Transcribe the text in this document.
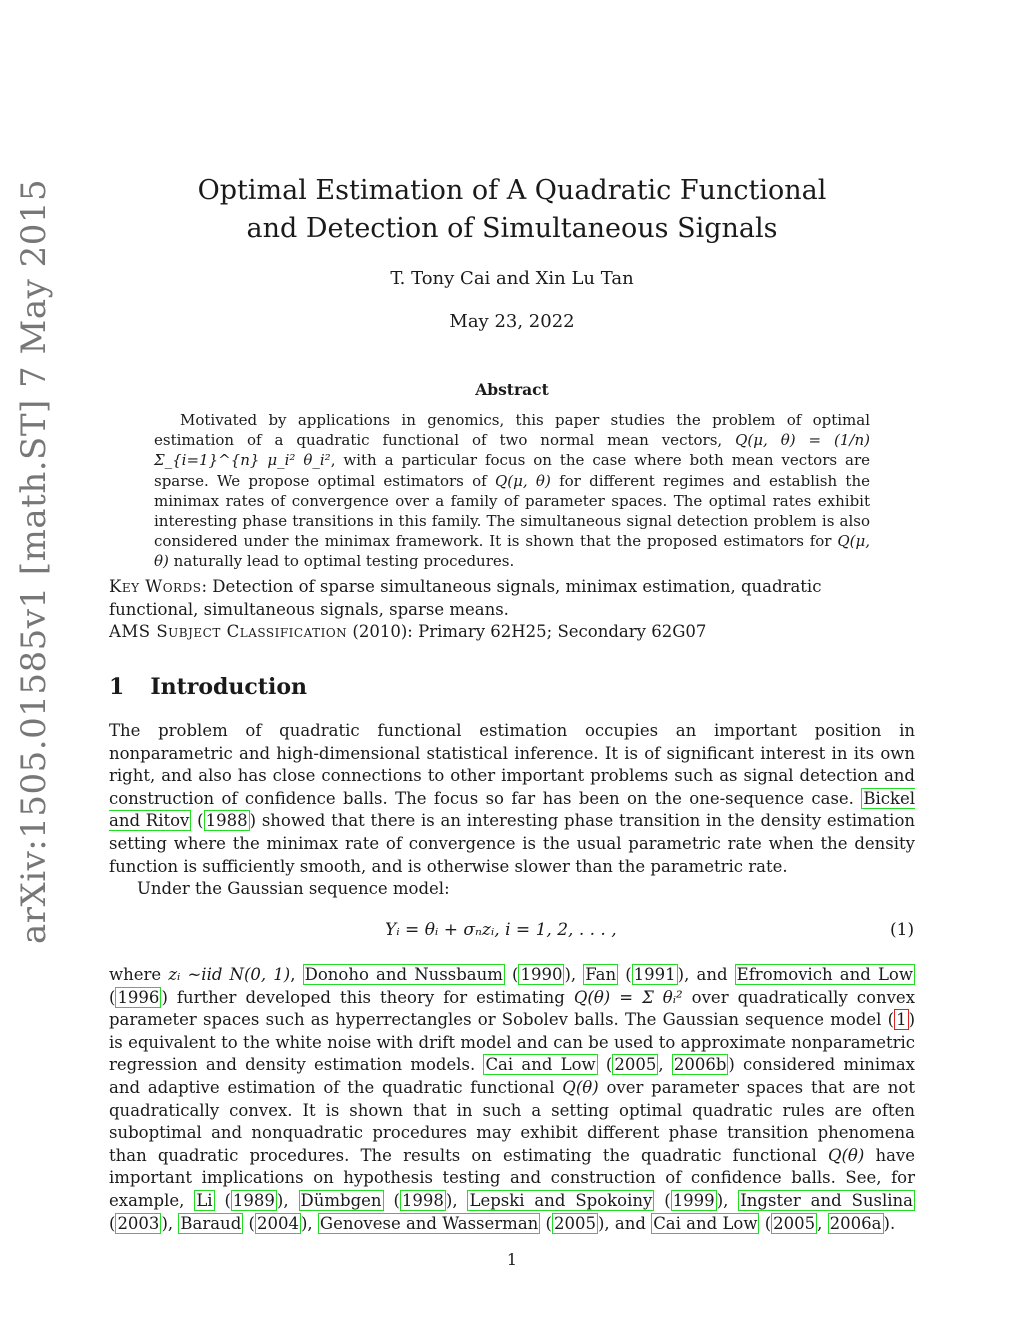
arXiv:1505.01585v1 [math.ST] 7 May 2015	Optimal Estimation of A Quadratic Functional
and Detection of Simultaneous Signals
T. Tony Cai and Xin Lu Tan
May 23, 2022
Abstract
Motivated by applications in genomics, this paper studies the problem of optimal estimation of a quadratic functional of two normal mean vectors, Q(μ, θ) = (1/n) Σ_{i=1}^{n} μ_i² θ_i², with a particular focus on the case where both mean vectors are sparse. We propose optimal estimators of Q(μ, θ) for different regimes and establish the minimax rates of convergence over a family of parameter spaces. The optimal rates exhibit interesting phase transitions in this family. The simultaneous signal detection problem is also considered under the minimax framework. It is shown that the proposed estimators for Q(μ, θ) naturally lead to optimal testing procedures.
Key Words: Detection of sparse simultaneous signals, minimax estimation, quadratic functional, simultaneous signals, sparse means.
AMS Subject Classification (2010): Primary 62H25; Secondary 62G07
1 Introduction
The problem of quadratic functional estimation occupies an important position in nonparametric and high-dimensional statistical inference. It is of significant interest in its own right, and also has close connections to other important problems such as signal detection and construction of confidence balls. The focus so far has been on the one-sequence case. Bickel and Ritov ( 1988 ) showed that there is an interesting phase transition in the density estimation setting where the minimax rate of convergence is the usual parametric rate when the density function is sufficiently smooth, and is otherwise slower than the parametric rate.
Under the Gaussian sequence model:
Yᵢ = θᵢ + σₙzᵢ, i = 1, 2, . . . ,	(1)
where zᵢ ~iid N(0, 1), Donoho and Nussbaum ( 1990 ), Fan ( 1991 ), and Efromovich and Low ( 1996 ) further developed this theory for estimating Q(θ) = Σ θᵢ² over quadratically convex parameter spaces such as hyperrectangles or Sobolev balls. The Gaussian sequence model ( 1 ) is equivalent to the white noise with drift model and can be used to approximate nonparametric regression and density estimation models. Cai and Low ( 2005 , 2006b ) considered minimax and adaptive estimation of the quadratic functional Q(θ) over parameter spaces that are not quadratically convex. It is shown that in such a setting optimal quadratic rules are often suboptimal and nonquadratic procedures may exhibit different phase transition phenomena than quadratic procedures. The results on estimating the quadratic functional Q(θ) have important implications on hypothesis testing and construction of confidence balls. See, for example, Li ( 1989 ), Dümbgen ( 1998 ), Lepski and Spokoiny ( 1999 ), Ingster and Suslina ( 2003 ), Baraud ( 2004 ), Genovese and Wasserman ( 2005 ), and Cai and Low ( 2005 , 2006a ).
1
